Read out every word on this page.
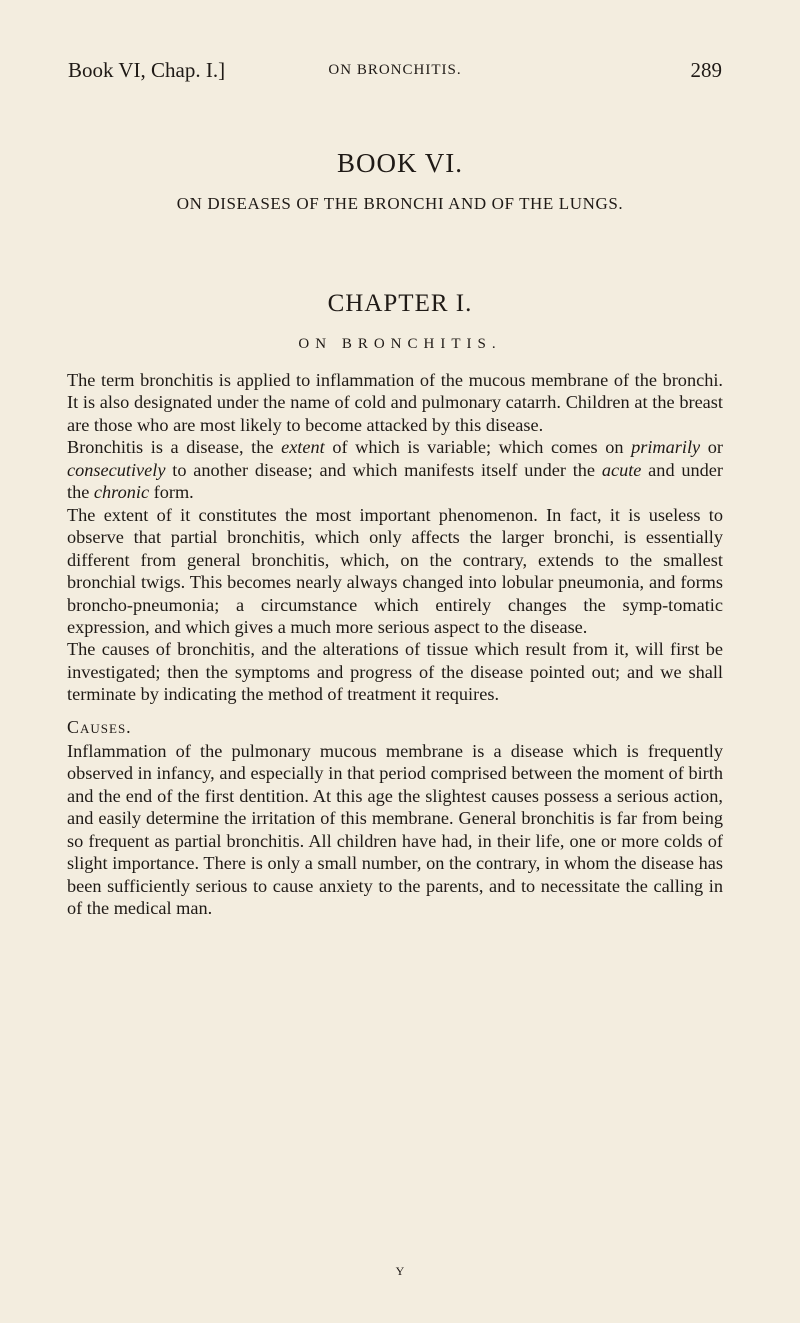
Book VI, Chap. I.]	ON BRONCHITIS.	289
BOOK VI.
ON DISEASES OF THE BRONCHI AND OF THE LUNGS.
CHAPTER I.
ON BRONCHITIS.

The term bronchitis is applied to inflammation of the mucous membrane of the bronchi. It is also designated under the name of cold and pulmonary catarrh. Children at the breast are those who are most likely to become attacked by this disease.

Bronchitis is a disease, the extent of which is variable; which comes on primarily or consecutively to another disease; and which manifests itself under the acute and under the chronic form.

The extent of it constitutes the most important phenomenon. In fact, it is useless to observe that partial bronchitis, which only affects the larger bronchi, is essentially different from general bronchitis, which, on the contrary, extends to the smallest bronchial twigs. This becomes nearly always changed into lobular pneumonia, and forms broncho-pneumonia; a circumstance which entirely changes the symp-tomatic expression, and which gives a much more serious aspect to the disease.

The causes of bronchitis, and the alterations of tissue which result from it, will first be investigated; then the symptoms and progress of the disease pointed out; and we shall terminate by indicating the method of treatment it requires.

Causes.

Inflammation of the pulmonary mucous membrane is a disease which is frequently observed in infancy, and especially in that period comprised between the moment of birth and the end of the first dentition. At this age the slightest causes possess a serious action, and easily determine the irritation of this membrane. General bronchitis is far from being so frequent as partial bronchitis. All children have had, in their life, one or more colds of slight importance. There is only a small number, on the contrary, in whom the disease has been sufficiently serious to cause anxiety to the parents, and to necessitate the calling in of the medical man.

Y
